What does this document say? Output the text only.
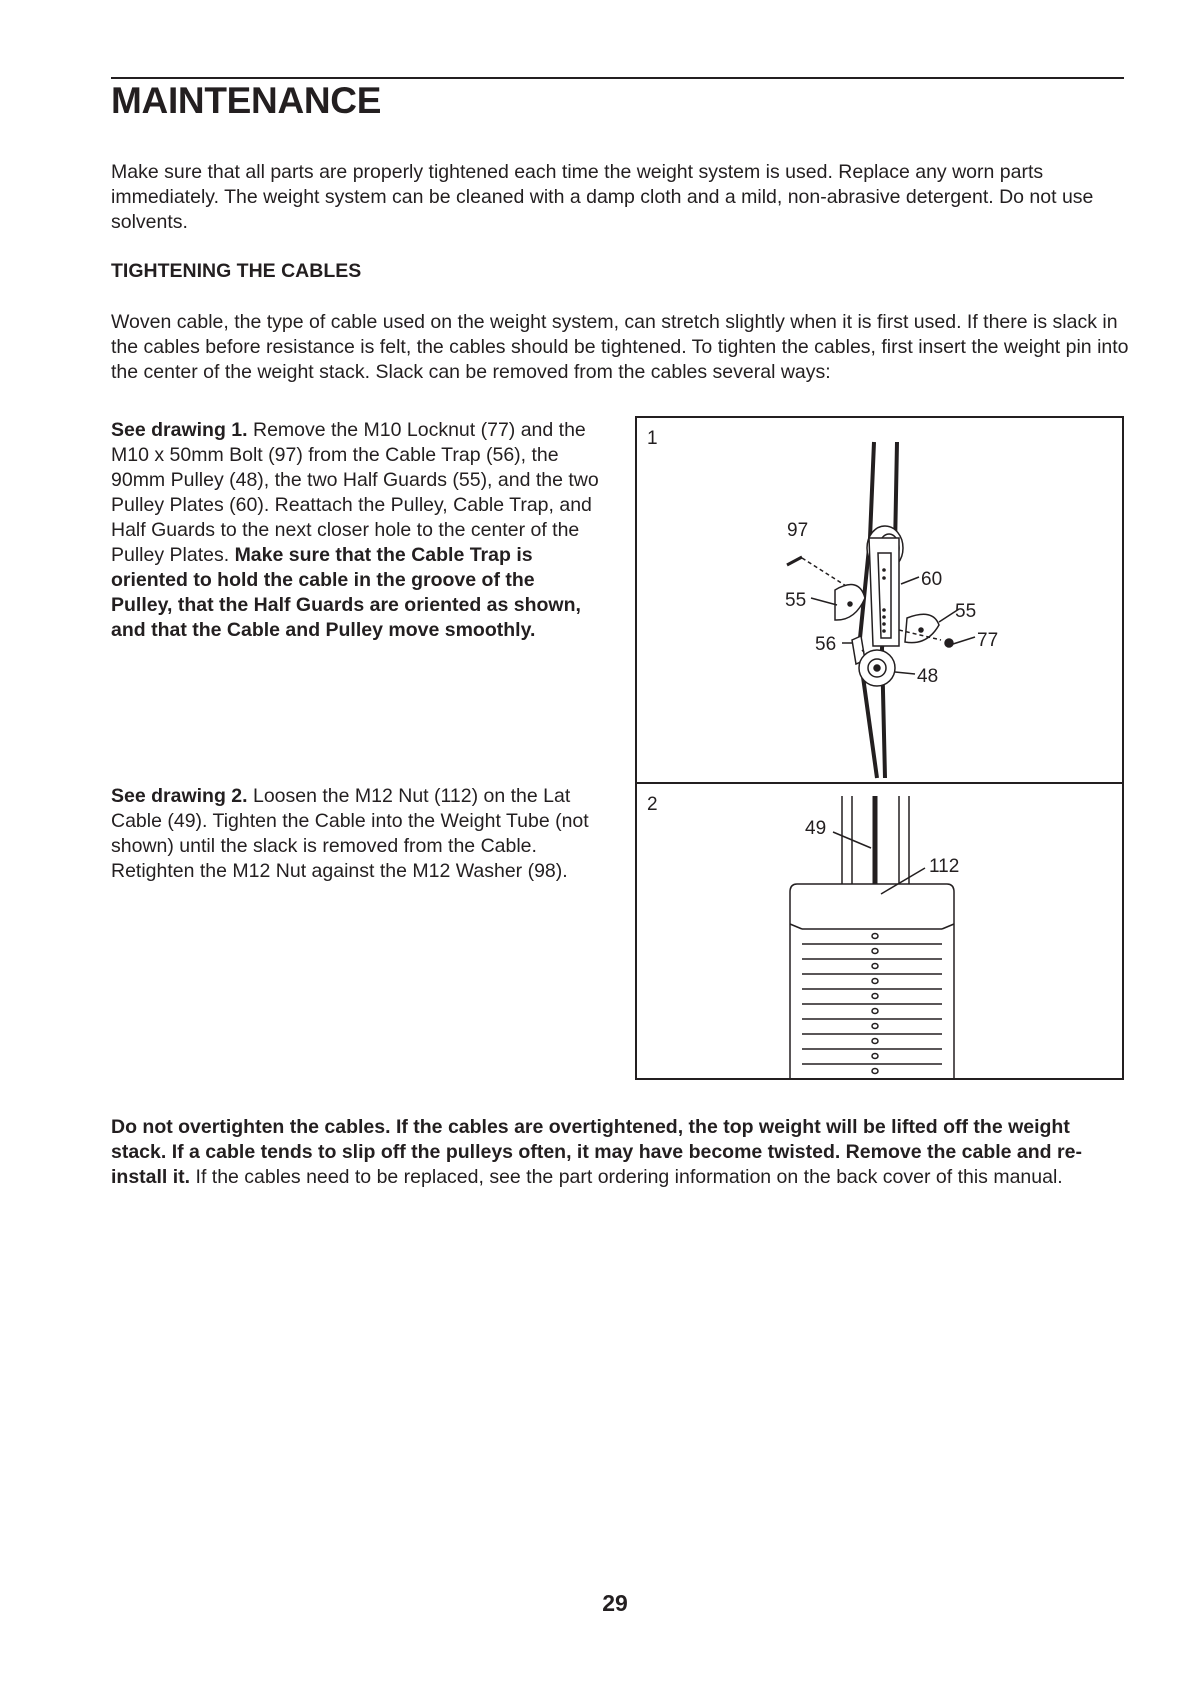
MAINTENANCE

Make sure that all parts are properly tightened each time the weight system is used. Replace any worn parts immediately. The weight system can be cleaned with a damp cloth and a mild, non-abrasive detergent. Do not use solvents.

TIGHTENING THE CABLES

Woven cable, the type of cable used on the weight system, can stretch slightly when it is first used. If there is slack in the cables before resistance is felt, the cables should be tightened. To tighten the cables, first insert the weight pin into the center of the weight stack. Slack can be removed from the cables several ways:

See drawing 1. Remove the M10 Locknut (77) and the M10 x 50mm Bolt (97) from the Cable Trap (56), the 90mm Pulley (48), the two Half Guards (55), and the two Pulley Plates (60). Reattach the Pulley, Cable Trap, and Half Guards to the next closer hole to the center of the Pulley Plates. Make sure that the Cable Trap is oriented to hold the cable in the groove of the Pulley, that the Half Guards are oriented as shown, and that the Cable and Pulley move smoothly.

See drawing 2. Loosen the M12 Nut (112) on the Lat Cable (49). Tighten the Cable into the Weight Tube (not shown) until the slack is removed from the Cable. Retighten the M12 Nut against the M12 Washer (98).

1
97
55
60
55
77
56
48
2
49
112

Do not overtighten the cables. If the cables are overtightened, the top weight will be lifted off the weight stack. If a cable tends to slip off the pulleys often, it may have become twisted. Remove the cable and re-install it. If the cables need to be replaced, see the part ordering information on the back cover of this manual.

29
